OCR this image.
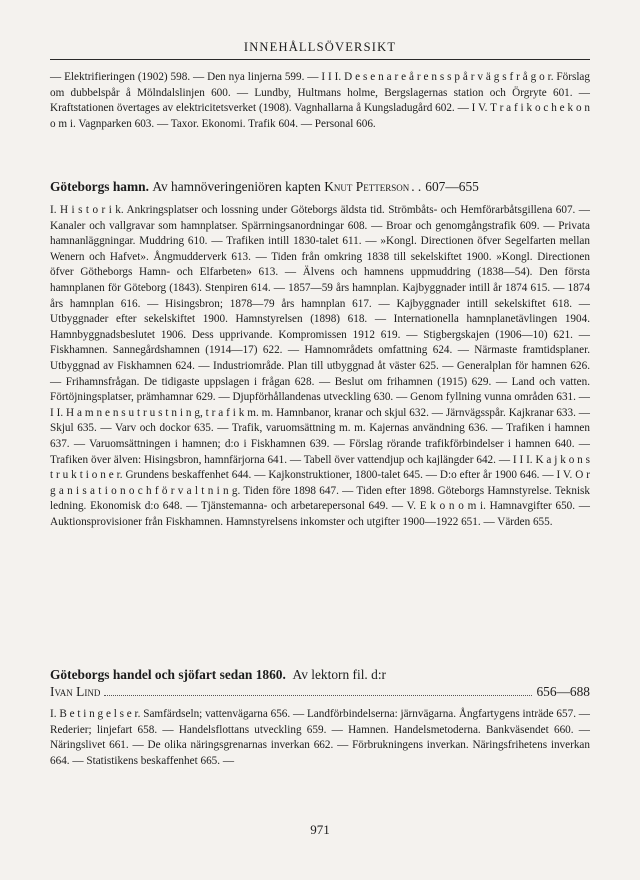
INNEHÅLLSÖVERSIKT
— Elektrifieringen (1902) 598. — Den nya linjerna 599. — I I I. D e s e n a r e å r e n s s p å r v ä g s f r å g o r. Förslag om dubbelspår å Mölndalslinjen 600. — Lundby, Hultmans holme, Bergslagernas station och Örgryte 601. — Kraftstationen övertages av elektricitetsverket (1908). Vagnhallarna å Kungsladugård 602. — I V. T r a f i k o c h e k o n o m i. Vagnparken 603. — Taxor. Ekonomi. Trafik 604. — Personal 606.
Göteborgs hamn.
Av hamnöveringeniören kapten
Knut Petterson . . 607—655
I. H i s t o r i k. Ankringsplatser och lossning under Göteborgs äldsta tid. Strömbåts- och Hemförarbåtsgillena 607. — Kanaler och vallgravar som hamnplatser. Spärrningsanordningar 608. — Broar och genomgångstrafik 609. — Privata hamnanläggningar. Muddring 610. — Trafiken intill 1830-talet 611. — »Kongl. Directionen öfver Segelfarten mellan Wenern och Hafvet». Ångmudderverk 613. — Tiden från omkring 1838 till sekelskiftet 1900. »Kongl. Directionen öfver Götheborgs Hamn- och Elfarbeten» 613. — Älvens och hamnens uppmuddring (1838—54). Den första hamnplanen för Göteborg (1843). Stenpiren 614. — 1857—59 års hamnplan. Kajbyggnader intill år 1874 615. — 1874 års hamnplan 616. — Hisingsbron; 1878—79 års hamnplan 617. — Kajbyggnader intill sekelskiftet 618. — Utbyggnader efter sekelskiftet 1900. Hamnstyrelsen (1898) 618. — Internationella hamnplanetävlingen 1904. Hamnbyggnadsbeslutet 1906. Dess upprivande. Kompromissen 1912 619. — Stigbergskajen (1906—10) 621. — Fiskhamnen. Sannegårdshamnen (1914—17) 622. — Hamnområdets omfattning 624. — Närmaste framtidsplaner. Utbyggnad av Fiskhamnen 624. — Industriområde. Plan till utbyggnad åt väster 625. — Generalplan för hamnen 626. — Frihamnsfrågan. De tidigaste uppslagen i frågan 628. — Beslut om frihamnen (1915) 629. — Land och vatten. Förtöjningsplatser, prämhamnar 629. — Djupförhållandenas utveckling 630. — Genom fyllning vunna områden 631. — I I. H a m n e n s u t r u s t n i n g, t r a f i k m. m. Hamnbanor, kranar och skjul 632. — Järnvägsspår. Kajkranar 633. — Skjul 635. — Varv och dockor 635. — Trafik, varuomsättning m. m. Kajernas användning 636. — Trafiken i hamnen 637. — Varuomsättningen i hamnen; d:o i Fiskhamnen 639. — Förslag rörande trafikförbindelser i hamnen 640. — Trafiken över älven: Hisingsbron, hamnfärjorna 641. — Tabell över vattendjup och kajlängder 642. — I I I. K a j k o n s t r u k t i o n e r. Grundens beskaffenhet 644. — Kajkonstruktioner, 1800-talet 645. — D:o efter år 1900 646. — I V. O r g a n i s a t i o n o c h f ö r v a l t n i n g. Tiden före 1898 647. — Tiden efter 1898. Göteborgs Hamnstyrelse. Teknisk ledning. Ekonomisk d:o 648. — Tjänstemanna- och arbetarepersonal 649. — V. E k o n o m i. Hamnavgifter 650. — Auktionsprovisioner från Fiskhamnen. Hamnstyrelsens inkomster och utgifter 1900—1922 651. — Värden 655.
Göteborgs handel och sjöfart sedan 1860. Av lektorn fil. d:r
Ivan Lind	656—688
I. B e t i n g e l s e r. Samfärdseln; vattenvägarna 656. — Landförbindelserna: järnvägarna. Ångfartygens inträde 657. — Rederier; linjefart 658. — Handelsflottans utveckling 659. — Hamnen. Handelsmetoderna. Bankväsendet 660. — Näringslivet 661. — De olika näringsgrenarnas inverkan 662. — Förbrukningens inverkan. Näringsfrihetens inverkan 664. — Statistikens beskaffenhet 665. —
971
